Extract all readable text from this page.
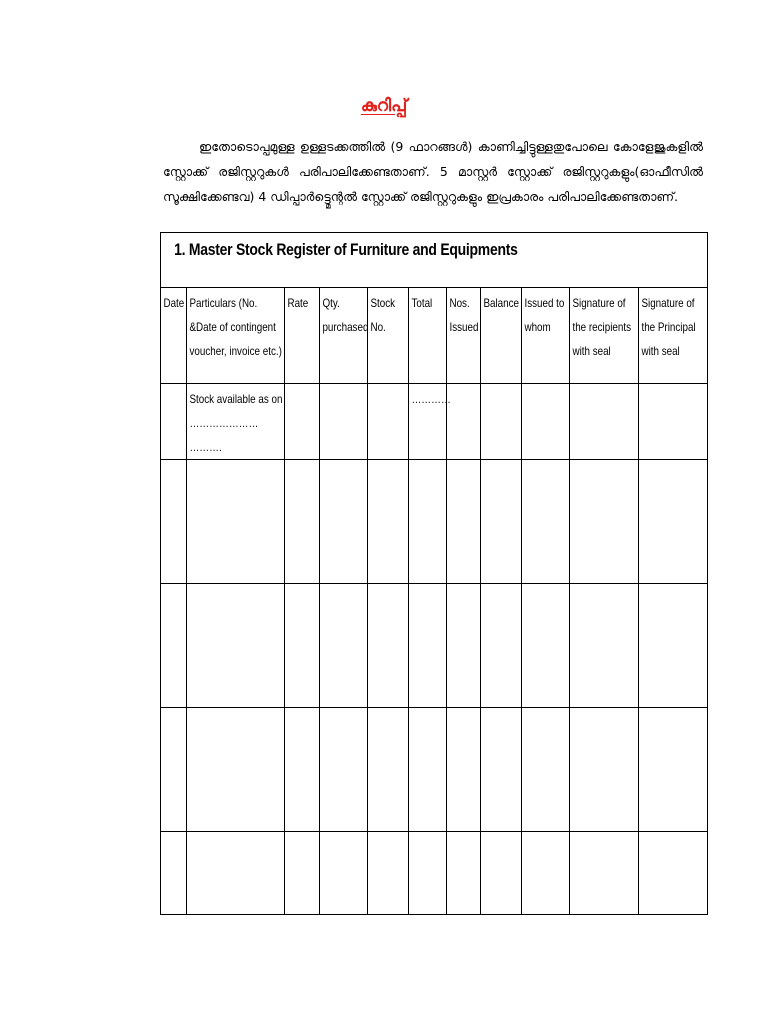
കുറിപ്പ്
ഇതോടൊപ്പമുള്ള ഉള്ളടക്കത്തിൽ (9 ഫാറങ്ങൾ) കാണിച്ചിട്ടുള്ളതുപോലെ കോളേജുകളിൽ സ്റ്റോക്ക് രജിസ്റ്ററുകൾ പരിപാലിക്കേണ്ടതാണ്. 5 മാസ്റ്റർ സ്റ്റോക്ക് രജിസ്റ്ററുകളും(ഓഫീസിൽ സൂക്ഷിക്കേണ്ടവ) 4 ഡിപ്പാർട്ട്മെന്റൽ സ്റ്റോക്ക് രജിസ്റ്ററുകളും ഇപ്രകാരം പരിപാലിക്കേണ്ടതാണ്.
1. Master Stock Register of Furniture and Equipments										

Date	Particulars (No. &Date of contingent voucher, invoice etc.)	Rate	Qty. purchased	Stock No.	Total	Nos. Issued	Balance	Issued to whom	Signature of the recipients with seal	Signature of the Principal with seal

	Stock available as on ………………… ……….				…………					
